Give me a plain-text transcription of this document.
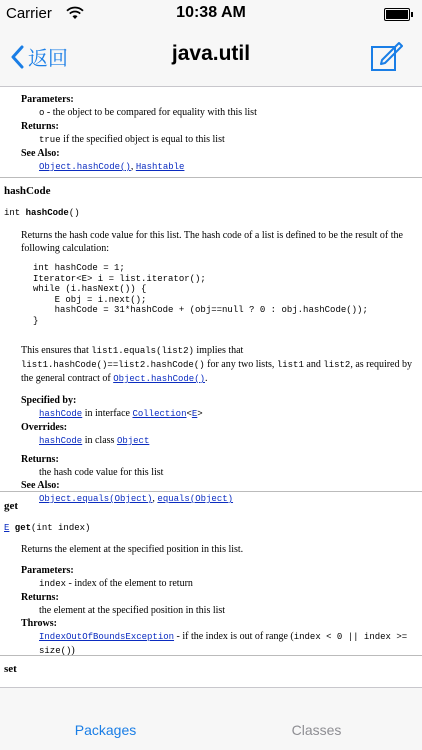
Carrier	10:38 AM
返回	java.util
Parameters:
o - the object to be compared for equality with this list
Returns:
true if the specified object is equal to this list
See Also:
Object.hashCode(), Hashtable
hashCode
int hashCode()
Returns the hash code value for this list. The hash code of a list is defined to be the result of the following calculation:
int hashCode = 1;
Iterator<E> i = list.iterator();
while (i.hasNext()) {
E obj = i.next();
hashCode = 31*hashCode + (obj==null ? 0 : obj.hashCode());
}
This ensures that list1.equals(list2) implies that list1.hashCode()==list2.hashCode() for any two lists, list1 and list2, as required by the general contract of Object.hashCode().
Specified by:
hashCode in interface Collection<E>
Overrides:
hashCode in class Object
Returns:
the hash code value for this list
See Also:
Object.equals(Object), equals(Object)
get
E get(int index)
Returns the element at the specified position in this list.
Parameters:
index - index of the element to return
Returns:
the element at the specified position in this list
Throws:
IndexOutOfBoundsException - if the index is out of range (index < 0 || index >= size())
set
Packages	Classes
